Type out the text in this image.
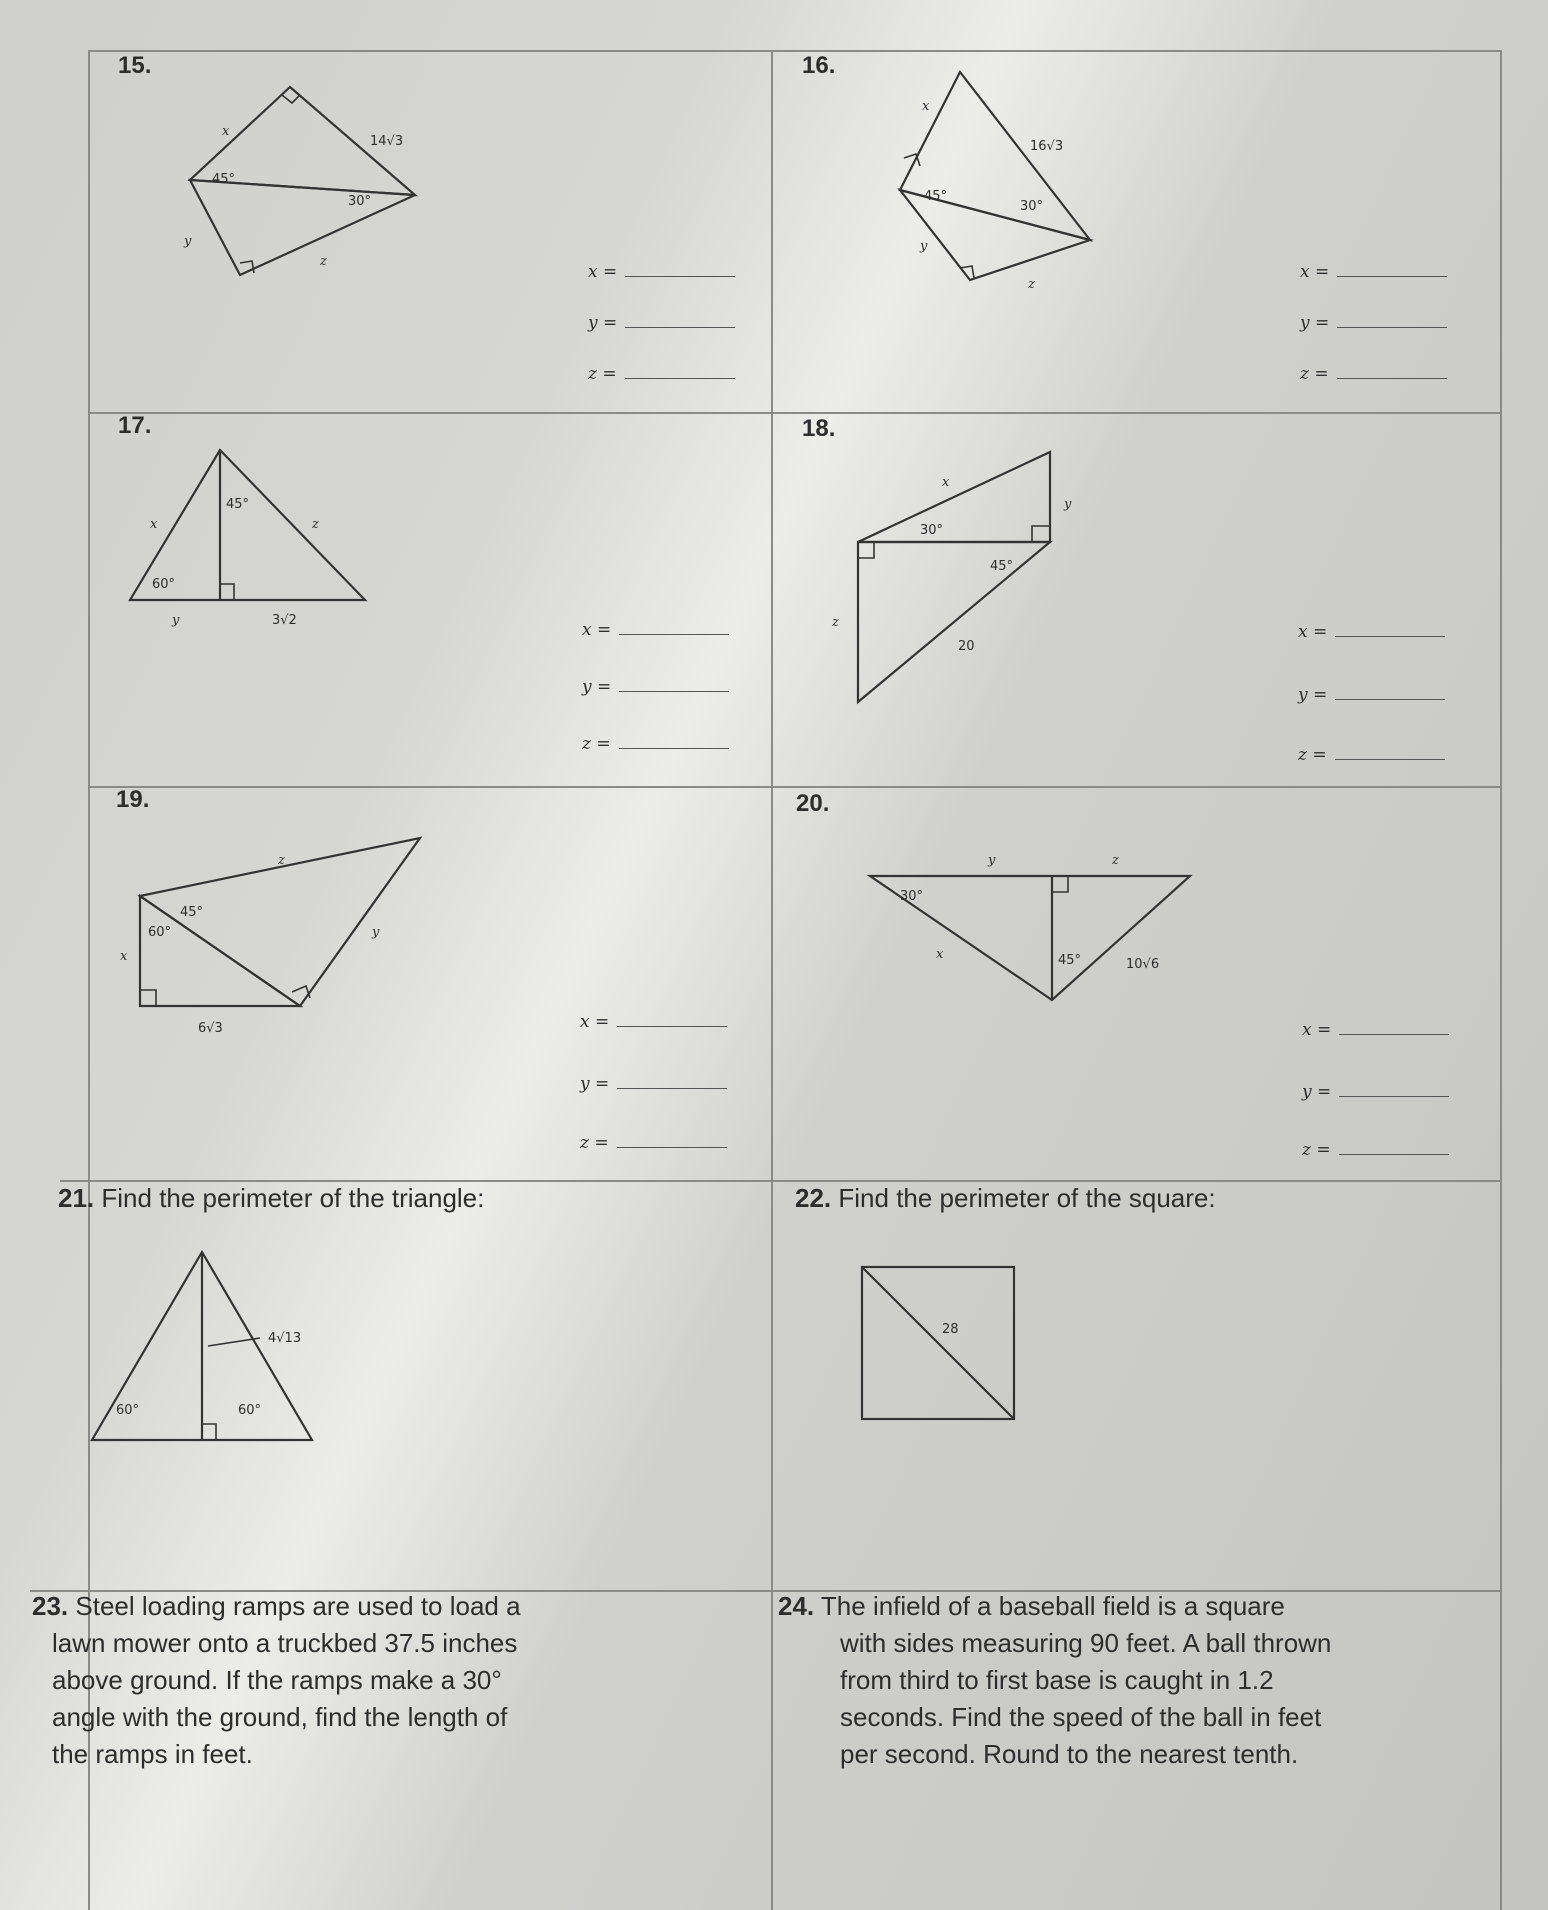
15.
x
14√3
45°
30°
y
z
x =
y =
z =
16.
x
16√3
45°
30°
y
z
x =
y =
z =
17.
x
45°
z
60°
y	3√2	x =
y =
z =
18.
x
y
30°
45°
z
20
x =
y =
z =
19.
z
45°
60°	y
x
6√3	x =
y =
z =
20.
y	z
30°
x	45°	10√6
x =
y =
z =
21. Find the perimeter of the triangle:
4√13
60°	60°
22. Find the perimeter of the square:
28
23. Steel loading ramps are used to load a
lawn mower onto a truckbed 37.5 inches
above ground. If the ramps make a 30°
angle with the ground, find the length of
the ramps in feet.
24. The infield of a baseball field is a square
with sides measuring 90 feet. A ball thrown
from third to first base is caught in 1.2
seconds. Find the speed of the ball in feet
per second. Round to the nearest tenth.
